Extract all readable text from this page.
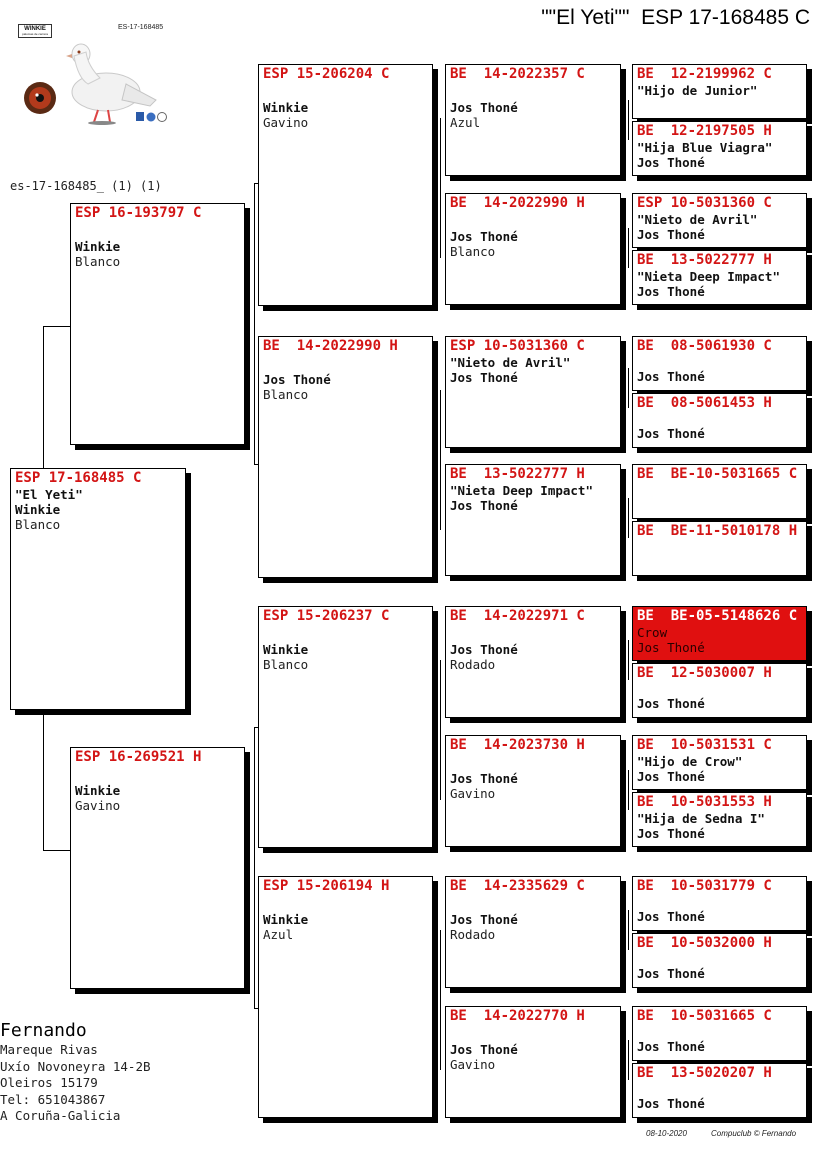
""El Yeti""  ESP 17-168485 C
WINKIE
palomas de carrera
ES-17-168485
es-17-168485_ (1) (1)
ESP 17-168485 C
"El Yeti"
Winkie
Blanco
ESP 16-193797 C
Winkie
Blanco
ESP 16-269521 H
Winkie
Gavino
ESP 15-206204 C
Winkie
Gavino
BE  14-2022990 H
Jos Thoné
Blanco
ESP 15-206237 C
Winkie
Blanco
ESP 15-206194 H
Winkie
Azul
BE  14-2022357 C
Jos Thoné
Azul
BE  14-2022990 H
Jos Thoné
Blanco
ESP 10-5031360 C
"Nieto de Avril"
Jos Thoné
BE  13-5022777 H
"Nieta Deep Impact"
Jos Thoné
BE  14-2022971 C
Jos Thoné
Rodado
BE  14-2023730 H
Jos Thoné
Gavino
BE  14-2335629 C
Jos Thoné
Rodado
BE  14-2022770 H
Jos Thoné
Gavino
BE  12-2199962 C
"Hijo de Junior"
BE  12-2197505 H
"Hija Blue Viagra"
Jos Thoné
ESP 10-5031360 C
"Nieto de Avril"
Jos Thoné
BE  13-5022777 H
"Nieta Deep Impact"
Jos Thoné
BE  08-5061930 C
Jos Thoné
BE  08-5061453 H
Jos Thoné
BE  BE-10-5031665 C
BE  BE-11-5010178 H
BE  BE-05-5148626 C
Crow
Jos Thoné
BE  12-5030007 H
Jos Thoné
BE  10-5031531 C
"Hijo de Crow"
Jos Thoné
BE  10-5031553 H
"Hija de Sedna I"
Jos Thoné
BE  10-5031779 C
Jos Thoné
BE  10-5032000 H
Jos Thoné
BE  10-5031665 C
Jos Thoné
BE  13-5020207 H
Jos Thoné
Fernando
Mareque Rivas
Uxío Novoneyra 14-2B
Oleiros 15179
Tel: 651043867
A Coruña-Galicia
08-10-2020	Compuclub © Fernando
